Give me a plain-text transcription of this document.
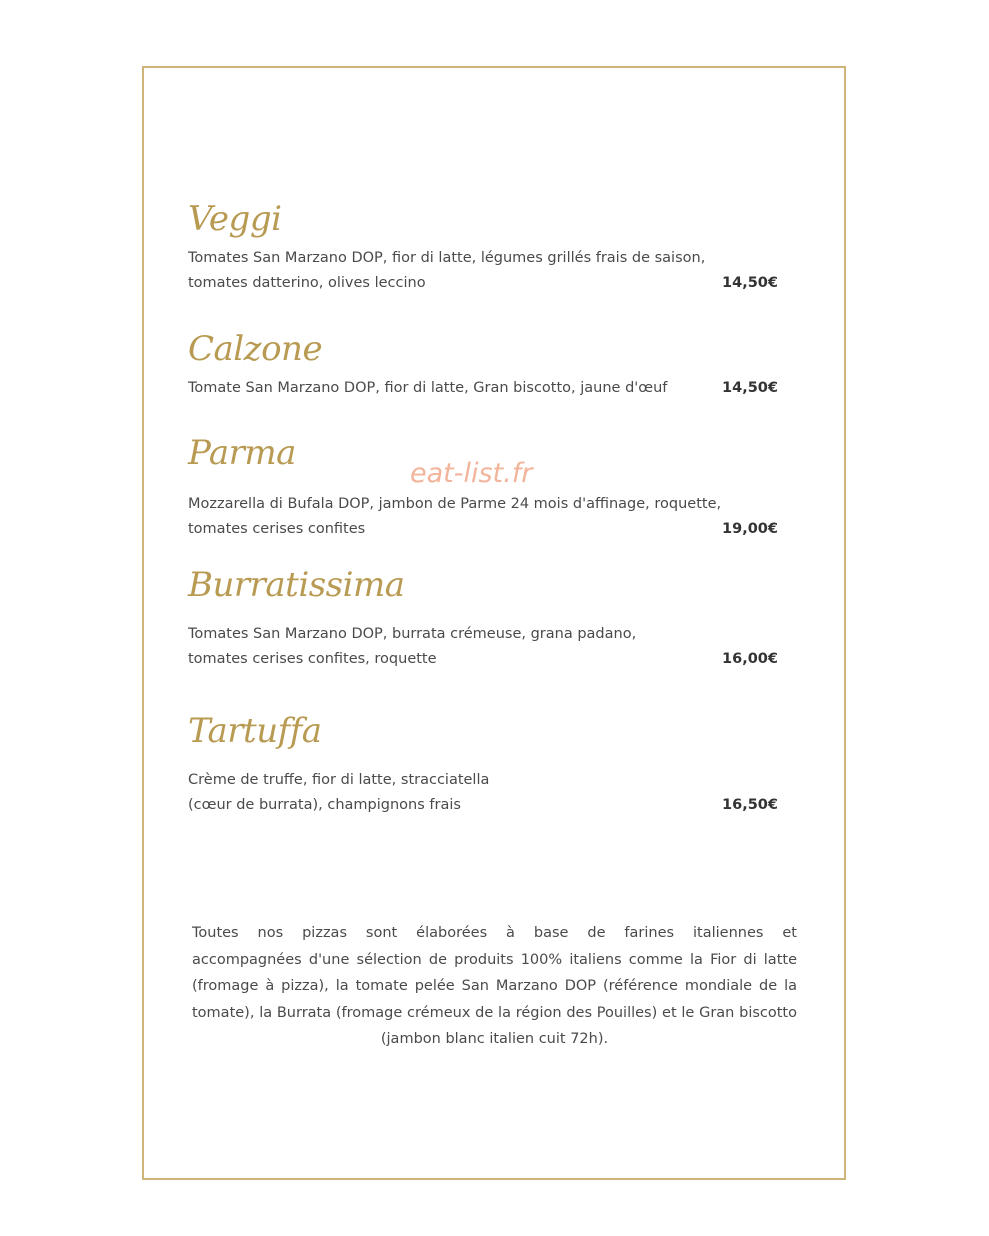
Veggi
Tomates San Marzano DOP, fior di latte, légumes grillés frais de saison,
tomates datterino, olives leccino	14,50€
Calzone
Tomate San Marzano DOP, fior di latte, Gran biscotto, jaune d'œuf	14,50€
Parma
Mozzarella di Bufala DOP, jambon de Parme 24 mois d'affinage, roquette,
tomates cerises confites	19,00€
Burratissima
Tomates San Marzano DOP, burrata crémeuse, grana padano,
tomates cerises confites, roquette	16,00€
Tartuffa
Crème de truffe, fior di latte, stracciatella
(cœur de burrata), champignons frais	16,50€
eat-list.fr
Toutes nos pizzas sont élaborées à base de farines italiennes et
accompagnées d'une sélection de produits 100% italiens comme la Fior di latte
(fromage à pizza), la tomate pelée San Marzano DOP (référence mondiale de la
tomate), la Burrata (fromage crémeux de la région des Pouilles) et le Gran biscotto
(jambon blanc italien cuit 72h).
